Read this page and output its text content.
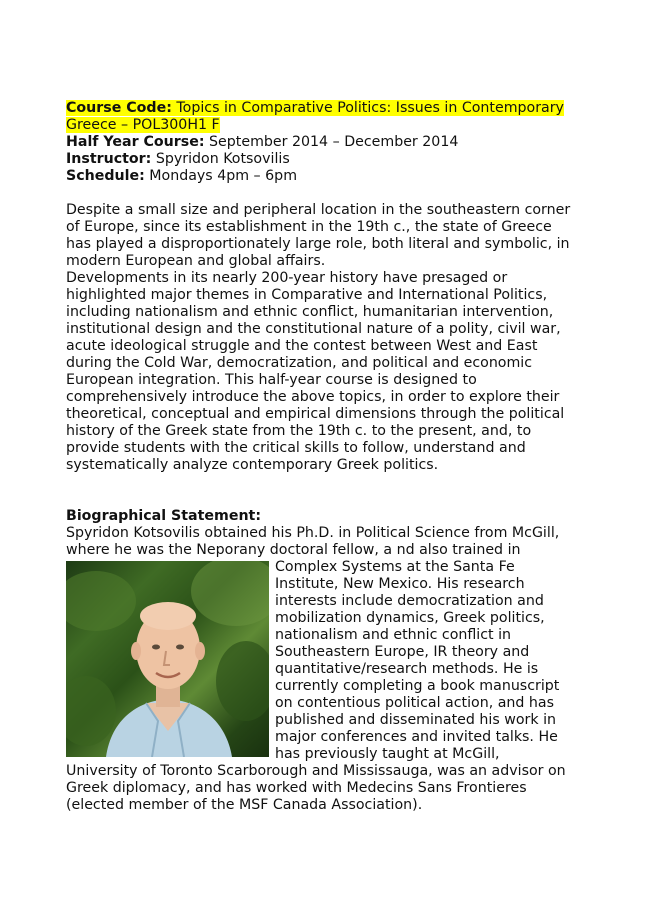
Course Code: Topics in Comparative Politics: Issues in Contemporary
Greece – POL300H1 F
Half Year Course: September 2014 – December 2014
Instructor: Spyridon Kotsovilis
Schedule: Mondays 4pm – 6pm
Despite a small size and peripheral location in the southeastern corner
of Europe, since its establishment in the 19th c., the state of Greece
has played a disproportionately large role, both literal and symbolic, in
modern European and global affairs.
Developments in its nearly 200-year history have presaged or
highlighted major themes in Comparative and International Politics,
including nationalism and ethnic conflict, humanitarian intervention,
institutional design and the constitutional nature of a polity, civil war,
acute ideological struggle and the contest between West and East
during the Cold War, democratization, and political and economic
European integration. This half-year course is designed to
comprehensively introduce the above topics, in order to explore their
theoretical, conceptual and empirical dimensions through the political
history of the Greek state from the 19th c. to the present, and, to
provide students with the critical skills to follow, understand and
systematically analyze contemporary Greek politics.
Biographical Statement:
Spyridon Kotsovilis obtained his Ph.D. in Political Science from McGill,
where he was the Neporany doctoral fellow, a nd also trained in
Complex Systems at the Santa Fe
Institute, New Mexico. His research
interests include democratization and
mobilization dynamics, Greek politics,
nationalism and ethnic conflict in
Southeastern Europe, IR theory and
quantitative/research methods. He is
currently completing a book manuscript
on contentious political action, and has
published and disseminated his work in
major conferences and invited talks. He
has previously taught at McGill,
University of Toronto Scarborough and Mississauga, was an advisor on
Greek diplomacy, and has worked with Medecins Sans Frontieres
(elected member of the MSF Canada Association).
